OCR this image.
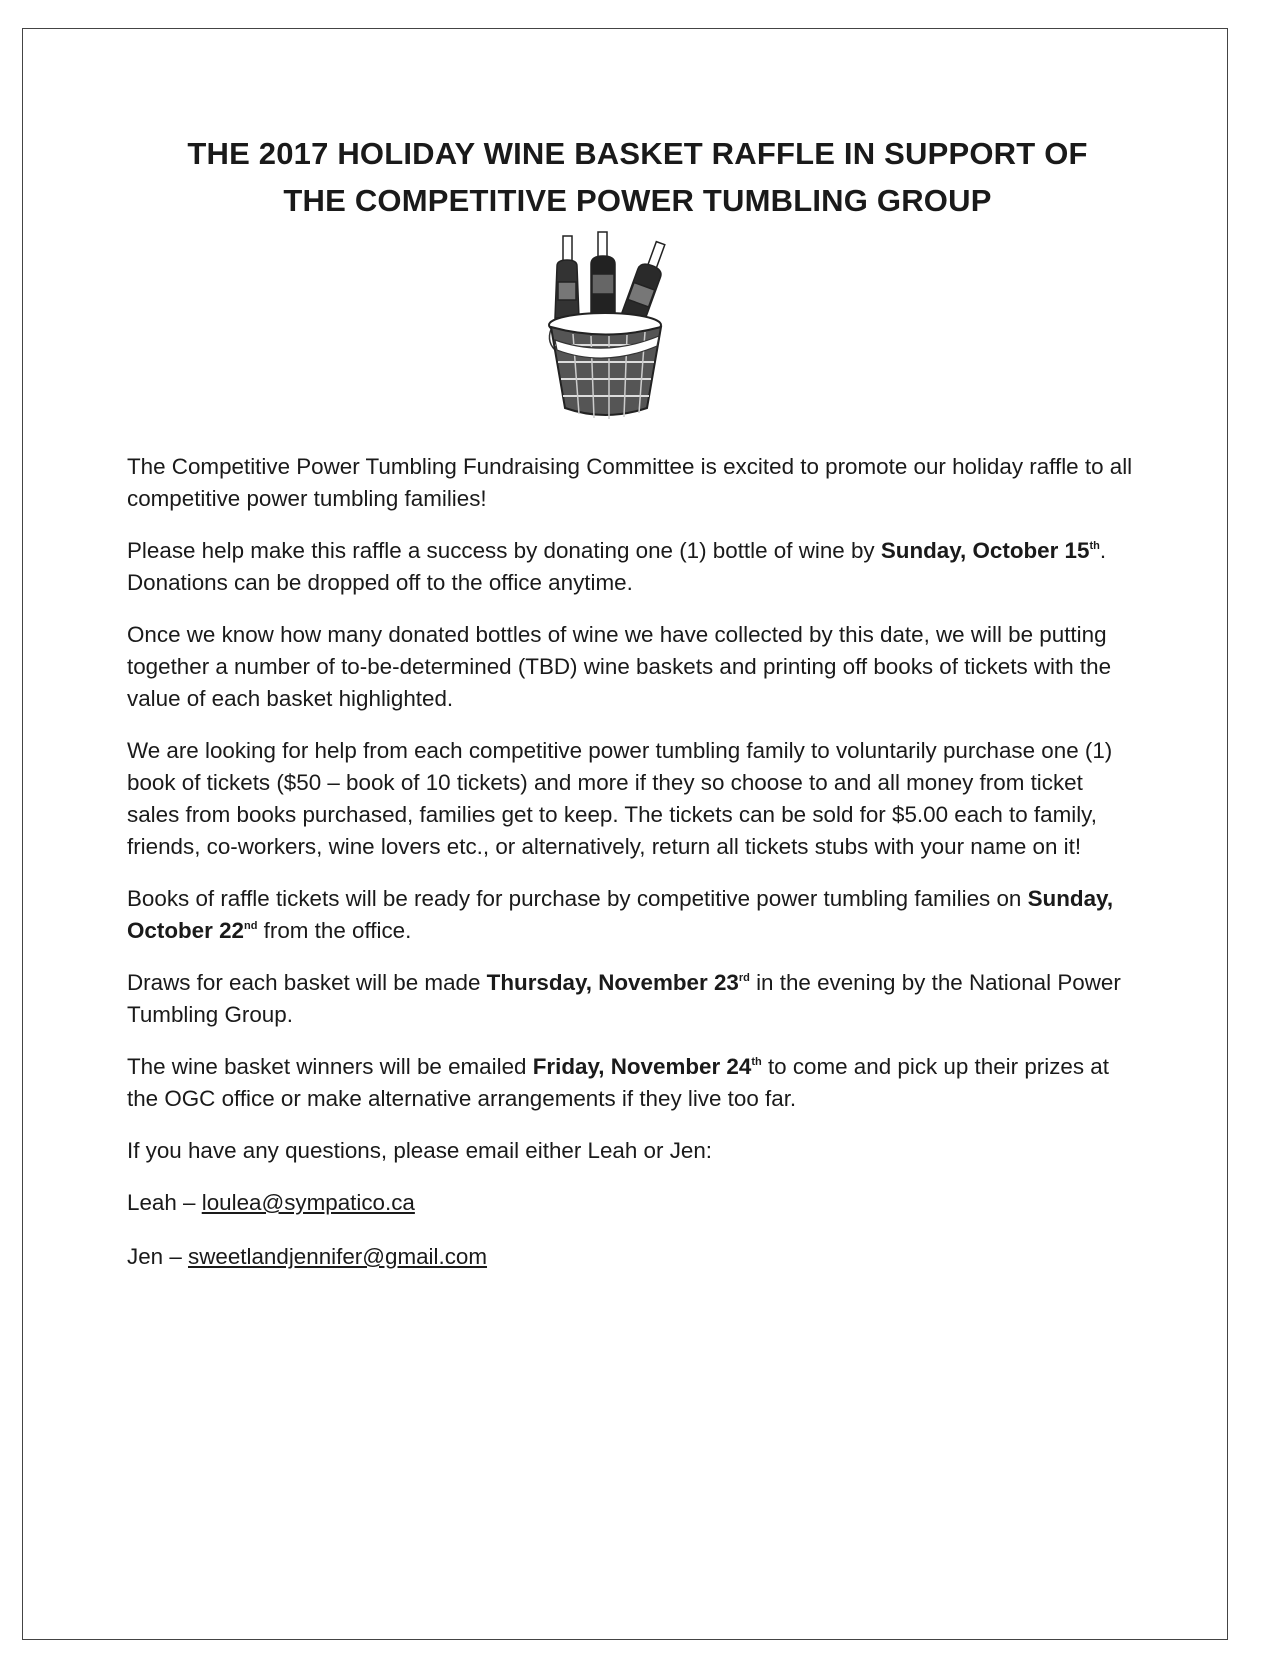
THE 2017 HOLIDAY WINE BASKET RAFFLE IN SUPPORT OF
THE COMPETITIVE POWER TUMBLING GROUP

The Competitive Power Tumbling Fundraising Committee is excited to promote our holiday raffle to all competitive power tumbling families!

Please help make this raffle a success by donating one (1) bottle of wine by Sunday, October 15th. Donations can be dropped off to the office anytime.

Once we know how many donated bottles of wine we have collected by this date, we will be putting together a number of to-be-determined (TBD) wine baskets and printing off books of tickets with the value of each basket highlighted.

We are looking for help from each competitive power tumbling family to voluntarily purchase one (1) book of tickets ($50 – book of 10 tickets) and more if they so choose to and all money from ticket sales from books purchased, families get to keep. The tickets can be sold for $5.00 each to family, friends, co-workers, wine lovers etc., or alternatively, return all tickets stubs with your name on it!

Books of raffle tickets will be ready for purchase by competitive power tumbling families on Sunday, October 22nd from the office.

Draws for each basket will be made Thursday, November 23rd in the evening by the National Power Tumbling Group.

The wine basket winners will be emailed Friday, November 24th to come and pick up their prizes at the OGC office or make alternative arrangements if they live too far.

If you have any questions, please email either Leah or Jen:

Leah – loulea@sympatico.ca

Jen – sweetlandjennifer@gmail.com
